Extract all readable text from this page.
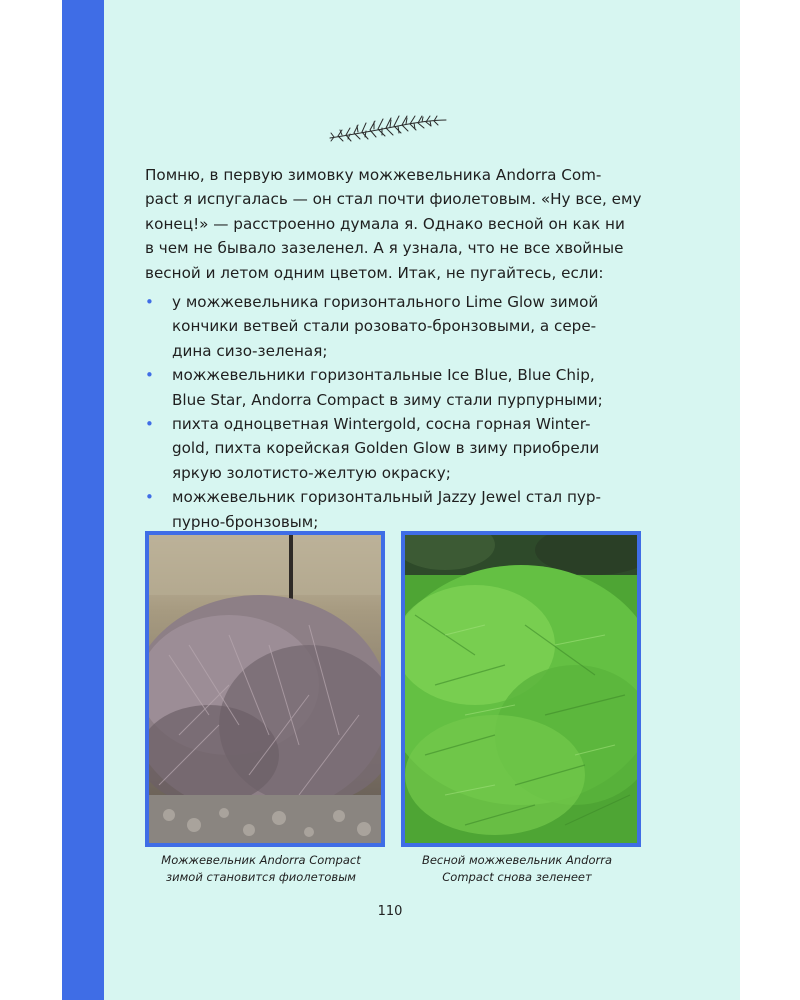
Помню, в первую зимовку можжевельника Andorra Com-
pact я испугалась — он стал почти фиолетовым. «Ну все, ему
конец!» — расстроенно думала я. Однако весной он как ни
в чем не бывало зазеленел. А я узнала, что не все хвойные
весной и летом одним цветом. Итак, не пугайтесь, если:
• у можжевельника горизонтального Lime Glow зимой
кончики ветвей стали розовато-бронзовыми, а сере-
дина сизо-зеленая;
• можжевельники горизонтальные Ice Blue, Blue Chip,
Blue Star, Andorra Compact в зиму стали пурпурными;
• пихта одноцветная Wintergold, сосна горная Winter-
gold, пихта корейская Golden Glow в зиму приобрели
яркую золотисто-желтую окраску;
• можжевельник горизонтальный Jazzy Jewel стал пур-
пурно-бронзовым;
Можжевельник Andorra Compact
зимой становится фиолетовым
Весной можжевельник Andorra
Compact снова зеленеет
110
